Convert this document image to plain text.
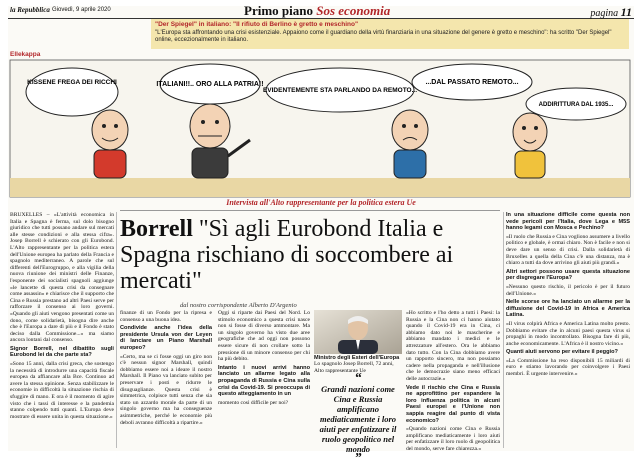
la Repubblica Giovedì, 9 aprile 2020	Primo piano Sos economia	pagina 11
"Der Spiegel" in italiano: "Il rifiuto di Berlino è gretto e meschino"
"L'Europa sta affrontando una crisi esistenziale. Appaiono come il guardiano della virtù finanziaria in una situazione del genere è gretto e meschino": ha scritto "Der Spiegel" online, eccezionalmente in italiano.
Ellekappa
KISSENE FREGA DEI RICCHI	ITALIANI!!.. ORO ALLA PATRIA!!
EVIDENTEMENTE STA PARLANDO DA REMOTO...
...DAL PASSATO REMOTO...
ADDIRITTURA DAL 1935...
Intervista all'Alto rappresentante per la politica estera Ue

BRUXELLES – «L'attività economica in Italia e Spagna è ferma, sul dolo bisogno giuridico che tutti possano andare sul mercati alle stesse condizioni e alla stessa cifra». Josep Borrell è schierato con gli Eurobond. L'Alto rappresentante per la politica estera dell'Unione europea ha parlato della Francia e spagnolo mediterraneo. A parole che sul differenti dell'Eurogruppo, e alla vigilia della nuova riunione dei ministri delle Finanze, l'esponente dei socialisti spagnoli aggiunge «le lancette di questa crisi da consegnare come assassin» e chiarisce che il supporto che Cina e Russia prestano ad altri Paesi serve per rafforzare il consenso ai loro governi. «Quando gli aiuti vengono presentati come un dono, come solidarietà, bisogna dire anche che è l'Europa a dare di più e il Fondo è stato deciso dalla Commissione...» ma siamo ancora lontani dal consenso.

Signor Borrell, nel dibattito sugli Eurobond lei da che parte sta?

«Sono 15 anni, dalla crisi greca, che sostengo la necessità di introdurre una capacità fiscale europea da affiancare alla Bce. Continuo ad avere la stessa opinione. Senza stabilizzare le economie in difficoltà la situazione rischia di sfuggire di mano. E ora è il momento di agire visto che i tassi di interesse e la pandemia stanno colpendo tutti quanti. L'Europa deve mostrare di essere unita in questa situazione.»

Borrell "Sì agli Eurobond Italia e Spagna rischiano di soccombere ai mercati"
dal nostro corrispondente Alberto D'Argenio

finanze di un Fondo per la ripresa e consenso a una buona idea.

Condivide anche l'idea della presidente Ursula von der Leyen di lanciare un Piano Marshall europeo?

«Certo, ma se ci fosse oggi un giro non c'è nessun signor Marshall, quindi dobbiamo essere noi a ideare il nostro Marshall. Il Piano va lanciato subito per preservare i posti e ridurre le disuguaglianze. Questa crisi è simmetrica, colpisce tutti senza che sia stato un azzardo morale da parte di un singolo governo ma ha conseguenze asimmetriche, perché le economie più deboli avranno difficoltà a ripartire.»

Oggi si riparte dai Paesi del Nord. Lo stimolo economico a questa crisi nasce non si fosse di diverso ammontare. Ma un singolo governo ha visto due aree geografiche che ad oggi non possono essere sicure di non crollare sotto la pressione di un minore consenso per chi ha più debito.

Intanto i nuovi arrivi hanno lanciato un allarme legato alla propaganda di Russia e Cina sulla crisi da Covid-19. Si preoccupa di questo atteggiamento in un

momento così difficile per noi?

Ministro degli Esteri dell'Europa Lo spagnolo Josep Borrell, 72 anni, Alto rappresentante Ue
“
Grandi nazioni come Cina e Russia amplificano mediaticamente i loro aiuti per enfatizzare il ruolo geopolitico nel mondo
”

«Ho scritto e l'ho detto a tutti i Paesi: la Russia e la Cina non ci hanno aiutato quando il Covid-19 era in Cina, ci abbiamo dato noi le mascherine e abbiamo mandato i medici e le attrezzature all'estero. Ora le abbiamo dato tutto. Con la Cina dobbiamo avere un rapporto sincero, ma non possiamo cadere nella propaganda e nell'illusione che le democrazie siano meno efficaci delle autocrazie.»

Vede il rischio che Cina e Russia ne approfittino per espandere la loro influenza politica in alcuni Paesi europei e l'Unione non sappia reagire dal punto di vista economico?

«Quando nazioni come Cina e Russia amplificano mediaticamente i loro aiuti per enfatizzare il loro ruolo di geopolitica del mondo, serve fare chiarezza.»

In una situazione difficile come questa non vede pericoli per l'Italia, dove Lega e M5S hanno legami con Mosca e Pechino?

«Il ruolo che Russia e Cina vogliono assumere a livello politico e globale, è ormai chiaro. Non è facile e non si deve dare un senso di crisi. Dalla solidarietà di Bruxelles a quella della Cina c'è una distanza, ma è chiaro a tutti da dove arrivino gli aiuti più grandi.»

Altri settori possono usare questa situazione per disgregare l'Europa?

«Nessuno questo rischio, il pericolo è per il futuro dell'Unione.»

Nelle scorse ore ha lanciato un allarme per la diffusione del Covid-19 in Africa e America Latina.

«Il virus colpirà Africa e America Latina molto presto. Dobbiamo evitare che in alcuni paesi questa virus si propaghi in modo incontrollato. Bisogna fare di più, anche economicamente. L'Africa è il nostro vicino.»

Quanti aiuti servono per evitare il peggio?

«La Commissione ha reso disponibili 15 miliardi di euro e stiamo lavorando per coinvolgere i Paesi membri. È urgente intervenire.»
